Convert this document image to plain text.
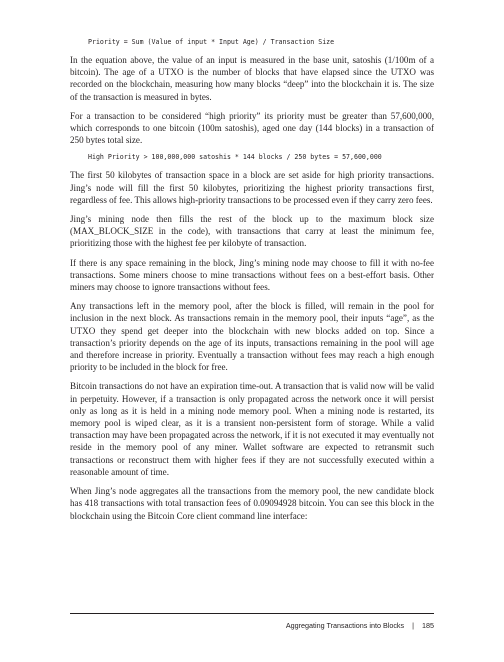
Priority = Sum (Value of input * Input Age) / Transaction Size

In the equation above, the value of an input is measured in the base unit, satoshis (1/100m of a bitcoin). The age of a UTXO is the number of blocks that have elapsed since the UTXO was recorded on the blockchain, measuring how many blocks “deep” into the blockchain it is. The size of the transaction is measured in bytes.

For a transaction to be considered “high priority” its priority must be greater than 57,600,000, which corresponds to one bitcoin (100m satoshis), aged one day (144 blocks) in a transaction of 250 bytes total size.

High Priority > 100,000,000 satoshis * 144 blocks / 250 bytes = 57,600,000

The first 50 kilobytes of transaction space in a block are set aside for high priority transactions. Jing’s node will fill the first 50 kilobytes, prioritizing the highest priority transactions first, regardless of fee. This allows high-priority transactions to be processed even if they carry zero fees.

Jing’s mining node then fills the rest of the block up to the maximum block size (MAX_BLOCK_SIZE in the code), with transactions that carry at least the minimum fee, prioritizing those with the highest fee per kilobyte of transaction.

If there is any space remaining in the block, Jing’s mining node may choose to fill it with no-fee transactions. Some miners choose to mine transactions without fees on a best-effort basis. Other miners may choose to ignore transactions without fees.

Any transactions left in the memory pool, after the block is filled, will remain in the pool for inclusion in the next block. As transactions remain in the memory pool, their inputs “age”, as the UTXO they spend get deeper into the blockchain with new blocks added on top. Since a transaction’s priority depends on the age of its inputs, transactions remaining in the pool will age and therefore increase in priority. Eventually a transaction without fees may reach a high enough priority to be included in the block for free.

Bitcoin transactions do not have an expiration time-out. A transaction that is valid now will be valid in perpetuity. However, if a transaction is only propagated across the network once it will persist only as long as it is held in a mining node memory pool. When a mining node is restarted, its memory pool is wiped clear, as it is a transient non-persistent form of storage. While a valid transaction may have been propagated across the network, if it is not executed it may eventually not reside in the memory pool of any miner. Wallet software are expected to retransmit such transactions or reconstruct them with higher fees if they are not successfully executed within a reasonable amount of time.

When Jing’s node aggregates all the transactions from the memory pool, the new candidate block has 418 transactions with total transaction fees of 0.09094928 bitcoin. You can see this block in the blockchain using the Bitcoin Core client command line interface:

Aggregating Transactions into Blocks | 185
